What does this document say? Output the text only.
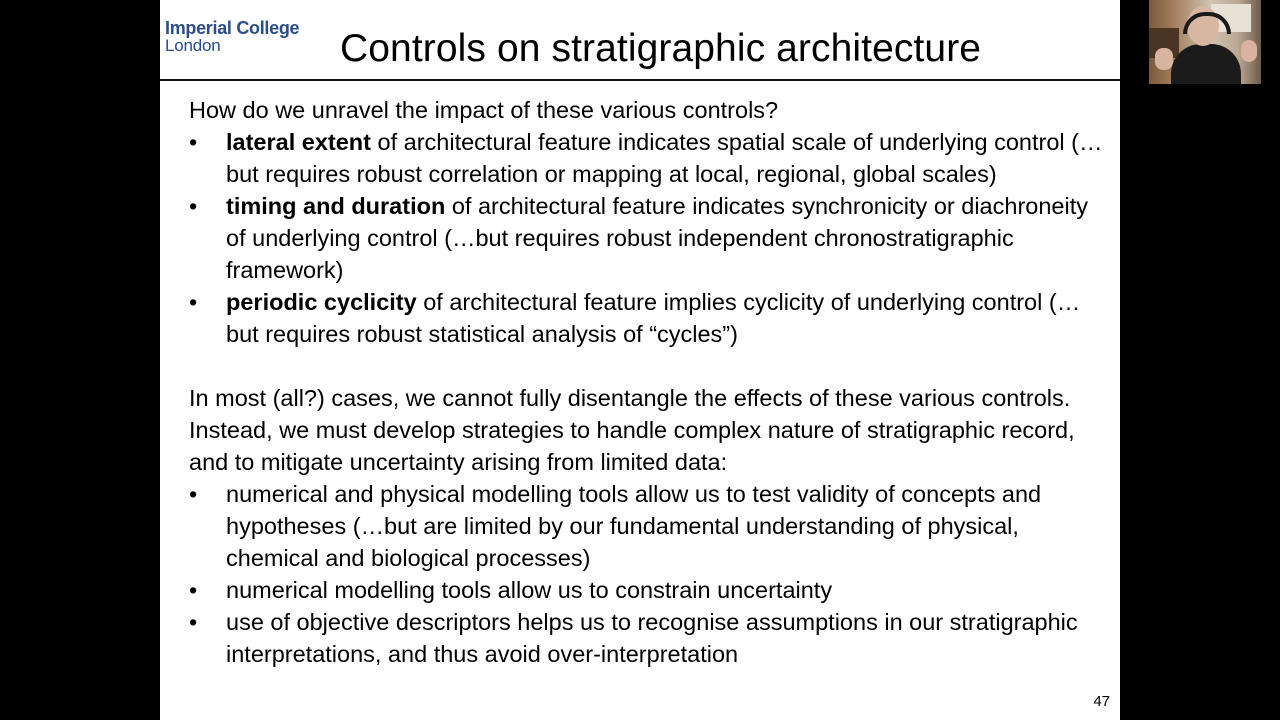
Imperial College
London	Controls on stratigraphic architecture

How do we unravel the impact of these various controls?

• lateral extent of architectural feature indicates spatial scale of underlying control (…but requires robust correlation or mapping at local, regional, global scales)
• timing and duration of architectural feature indicates synchronicity or diachroneity of underlying control (…but requires robust independent chronostratigraphic framework)
• periodic cyclicity of architectural feature implies cyclicity of underlying control (…but requires robust statistical analysis of “cycles”)

In most (all?) cases, we cannot fully disentangle the effects of these various controls. Instead, we must develop strategies to handle complex nature of stratigraphic record, and to mitigate uncertainty arising from limited data:

• numerical and physical modelling tools allow us to test validity of concepts and hypotheses (…but are limited by our fundamental understanding of physical, chemical and biological processes)
• numerical modelling tools allow us to constrain uncertainty
• use of objective descriptors helps us to recognise assumptions in our stratigraphic interpretations, and thus avoid over-interpretation
47
